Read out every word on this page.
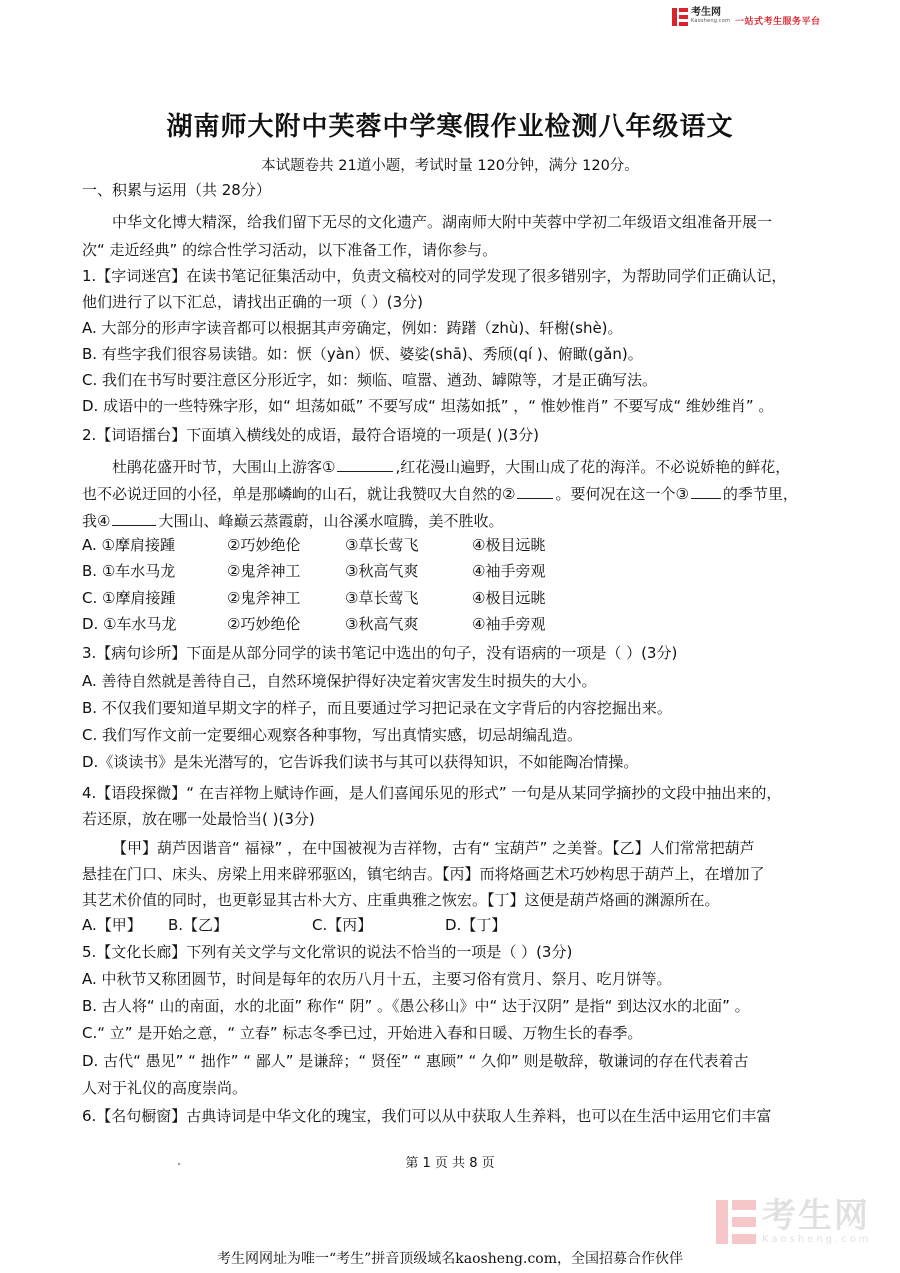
考生网
Kaosheng.com 一站式考生服务平台
湖南师大附中芙蓉中学寒假作业检测八年级语文
本试题卷共 21道小题，考试时量 120分钟，满分 120分。
一、积累与运用（共 28分）
中华文化博大精深，给我们留下无尽的文化遗产。湖南师大附中芙蓉中学初二年级语文组准备开展一
次“ 走近经典” 的综合性学习活动，以下准备工作，请你参与。
1.【字词迷宫】在读书笔记征集活动中，负责文稿校对的同学发现了很多错别字，为帮助同学们正确认记，
他们进行了以下汇总，请找出正确的一项（ ）(3分)
A. 大部分的形声字读音都可以根据其声旁确定，例如：踌躇（zhù)、轩榭(shè)。
B. 有些字我们很容易读错。如：恹（yàn）恹、婆娑(shā)、秀颀(qí )、俯瞰(gǎn)。
C. 我们在书写时要注意区分形近字，如：频临、喧嚣、遒劲、罅隙等，才是正确写法。
D. 成语中的一些特殊字形，如“ 坦荡如砥” 不要写成“ 坦荡如抵” ，“ 惟妙惟肖” 不要写成“ 维妙维肖” 。
2.【词语擂台】下面填入横线处的成语，最符合语境的一项是( )(3分)
杜鹃花盛开时节，大围山上游客①	,红花漫山遍野，大围山成了花的海洋。不必说娇艳的鲜花，
也不必说迂回的小径，单是那嶙峋的山石，就让我赞叹大自然的②	。要何况在这一个③ 的季节里，
我④	大围山、峰巅云蒸霞蔚，山谷溪水喧腾，美不胜收。
A. ①摩肩接踵	②巧妙绝伦	③草长莺飞	④极目远眺
B. ①车水马龙	②鬼斧神工	③秋高气爽	④袖手旁观
C. ①摩肩接踵	②鬼斧神工	③草长莺飞	④极目远眺
D. ①车水马龙	②巧妙绝伦	③秋高气爽	④袖手旁观
3.【病句诊所】下面是从部分同学的读书笔记中选出的句子，没有语病的一项是（ ）(3分)
A. 善待自然就是善待自己，自然环境保护得好决定着灾害发生时损失的大小。
B. 不仅我们要知道早期文字的样子，而且要通过学习把记录在文字背后的内容挖掘出来。
C. 我们写作文前一定要细心观察各种事物，写出真情实感，切忌胡编乱造。
D.《谈读书》是朱光潜写的，它告诉我们读书与其可以获得知识，不如能陶冶情操。
4.【语段探微】“ 在吉祥物上赋诗作画，是人们喜闻乐见的形式” 一句是从某同学摘抄的文段中抽出来的，
若还原，放在哪一处最恰当( )(3分)
【甲】葫芦因谐音“ 福禄” ，在中国被视为吉祥物，古有“ 宝葫芦” 之美誉。【乙】人们常常把葫芦
悬挂在门口、床头、房梁上用来辟邪驱凶，镇宅纳吉。【丙】而将烙画艺术巧妙构思于葫芦上，在增加了
其艺术价值的同时，也更彰显其古朴大方、庄重典雅之恢宏。【丁】这便是葫芦烙画的渊源所在。
A.【甲】 B.【乙】	C.【丙】	D.【丁】
5.【文化长廊】下列有关文学与文化常识的说法不恰当的一项是（ ）(3分)
A. 中秋节又称团圆节，时间是每年的农历八月十五，主要习俗有赏月、祭月、吃月饼等。
B. 古人将“ 山的南面，水的北面” 称作“ 阴” 。《愚公移山》中“ 达于汉阴” 是指“ 到达汉水的北面” 。
C.“ 立” 是开始之意，“ 立春” 标志冬季已过，开始进入春和日暖、万物生长的春季。
D. 古代“ 愚见” “ 拙作” “ 鄙人” 是谦辞；“ 贤侄” “ 惠顾” “ 久仰” 则是敬辞，敬谦词的存在代表着古
人对于礼仪的高度崇尚。
6.【名句橱窗】古典诗词是中华文化的瑰宝，我们可以从中获取人生养料，也可以在生活中运用它们丰富
第 1 页 共 8 页
考生网
Kaosheng.com
考生网网址为唯一“考生”拼音顶级域名kaosheng.com，全国招募合作伙伴
